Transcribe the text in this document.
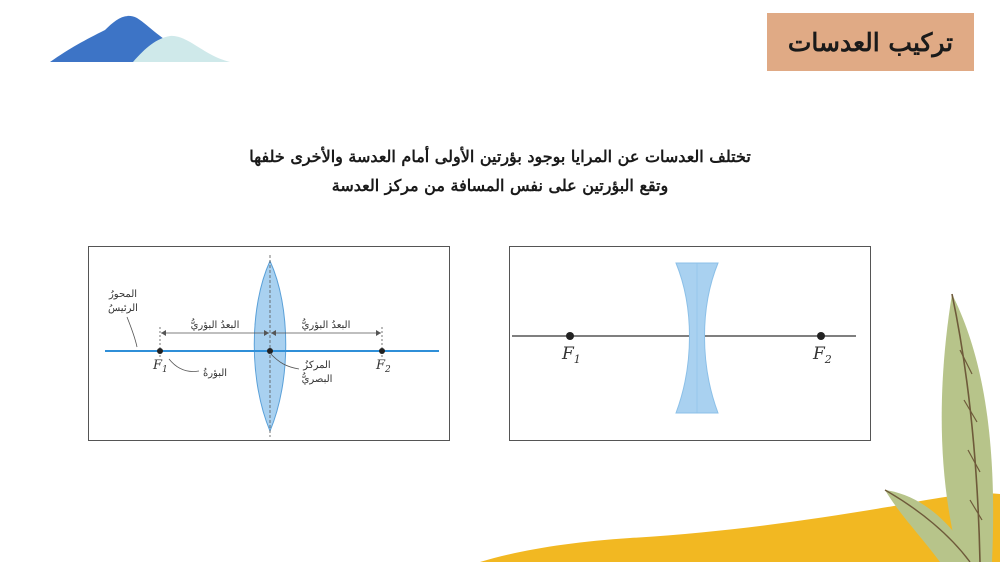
تركيب العدسات
تختلف العدسات عن المرايا بوجود بؤرتين الأولى أمام العدسة والأخرى خلفها
وتقع البؤرتين على نفس المسافة من مركز العدسة
المحورُ
الرئيسُ
البعدُ البؤريُّ	البعدُ البؤريُّ
البؤرةُ
المركزُ
البصريُّ
$F_1$	$F_2$
$F_1$	$F_2$
